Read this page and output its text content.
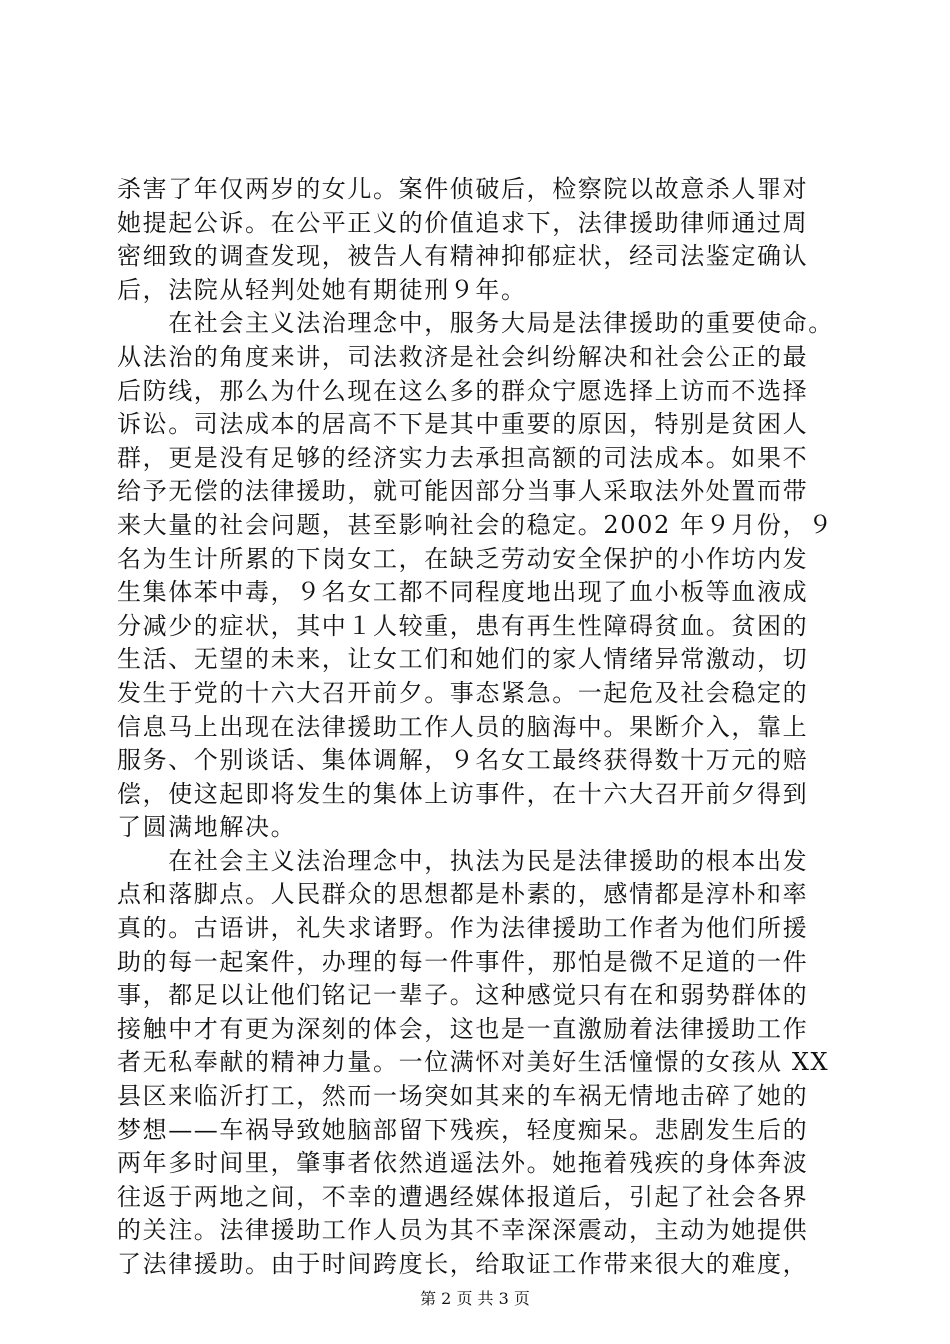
杀害了年仅两岁的女儿。案件侦破后，检察院以故意杀人罪对
她提起公诉。在公平正义的价值追求下，法律援助律师通过周
密细致的调查发现，被告人有精神抑郁症状，经司法鉴定确认
后，法院从轻判处她有期徒刑９年。
　　在社会主义法治理念中，服务大局是法律援助的重要使命。
从法治的角度来讲，司法救济是社会纠纷解决和社会公正的最
后防线，那么为什么现在这么多的群众宁愿选择上访而不选择
诉讼。司法成本的居高不下是其中重要的原因，特别是贫困人
群，更是没有足够的经济实力去承担高额的司法成本。如果不
给予无偿的法律援助，就可能因部分当事人采取法外处置而带
来大量的社会问题，甚至影响社会的稳定。2002 年９月份，９
名为生计所累的下岗女工，在缺乏劳动安全保护的小作坊内发
生集体苯中毒，９名女工都不同程度地出现了血小板等血液成
分减少的症状，其中１人较重，患有再生性障碍贫血。贫困的
生活、无望的未来，让女工们和她们的家人情绪异常激动，切
发生于党的十六大召开前夕。事态紧急。一起危及社会稳定的
信息马上出现在法律援助工作人员的脑海中。果断介入，靠上
服务、个别谈话、集体调解，９名女工最终获得数十万元的赔
偿，使这起即将发生的集体上访事件，在十六大召开前夕得到
了圆满地解决。
　　在社会主义法治理念中，执法为民是法律援助的根本出发
点和落脚点。人民群众的思想都是朴素的，感情都是淳朴和率
真的。古语讲，礼失求诸野。作为法律援助工作者为他们所援
助的每一起案件，办理的每一件事件，那怕是微不足道的一件
事，都足以让他们铭记一辈子。这种感觉只有在和弱势群体的
接触中才有更为深刻的体会，这也是一直激励着法律援助工作
者无私奉献的精神力量。一位满怀对美好生活憧憬的女孩从 XX
县区来临沂打工，然而一场突如其来的车祸无情地击碎了她的
梦想——车祸导致她脑部留下残疾，轻度痴呆。悲剧发生后的
两年多时间里，肇事者依然逍遥法外。她拖着残疾的身体奔波
往返于两地之间，不幸的遭遇经媒体报道后，引起了社会各界
的关注。法律援助工作人员为其不幸深深震动，主动为她提供
了法律援助。由于时间跨度长，给取证工作带来很大的难度，
第 2 页 共 3 页
